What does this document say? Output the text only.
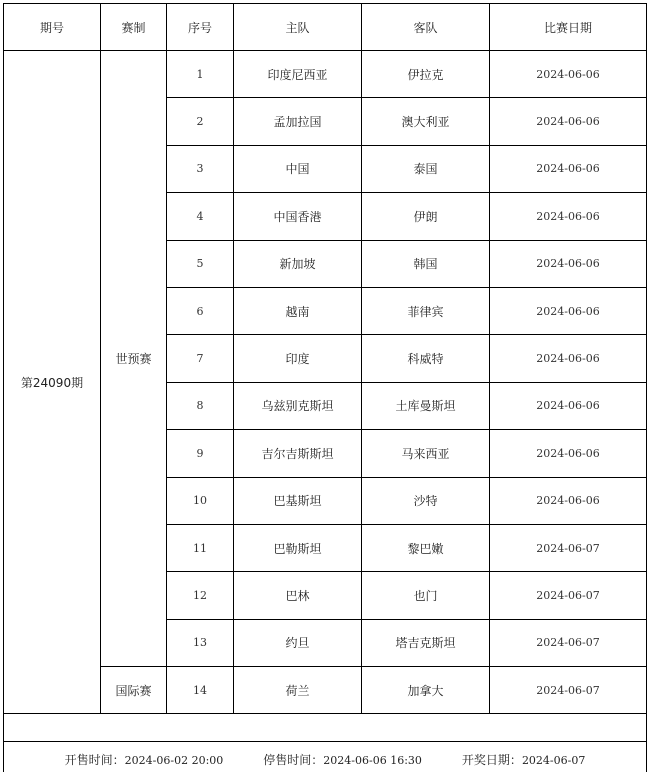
期号	赛制	序号	主队	客队	比赛日期
第24090期	世预赛	1	印度尼西亚	伊拉克	2024-06-06
		2	孟加拉国	澳大利亚	2024-06-06
		3	中国	泰国	2024-06-06
		4	中国香港	伊朗	2024-06-06
		5	新加坡	韩国	2024-06-06
		6	越南	菲律宾	2024-06-06
		7	印度	科威特	2024-06-06
		8	乌兹别克斯坦	土库曼斯坦	2024-06-06
		9	吉尔吉斯斯坦	马来西亚	2024-06-06
		10	巴基斯坦	沙特	2024-06-06
		11	巴勒斯坦	黎巴嫩	2024-06-07
		12	巴林	也门	2024-06-07
		13	约旦	塔吉克斯坦	2024-06-07
	国际赛	14	荷兰	加拿大	2024-06-07

开售时间：2024-06-02 20:00 停售时间：2024-06-06 16:30 开奖日期：2024-06-07					
